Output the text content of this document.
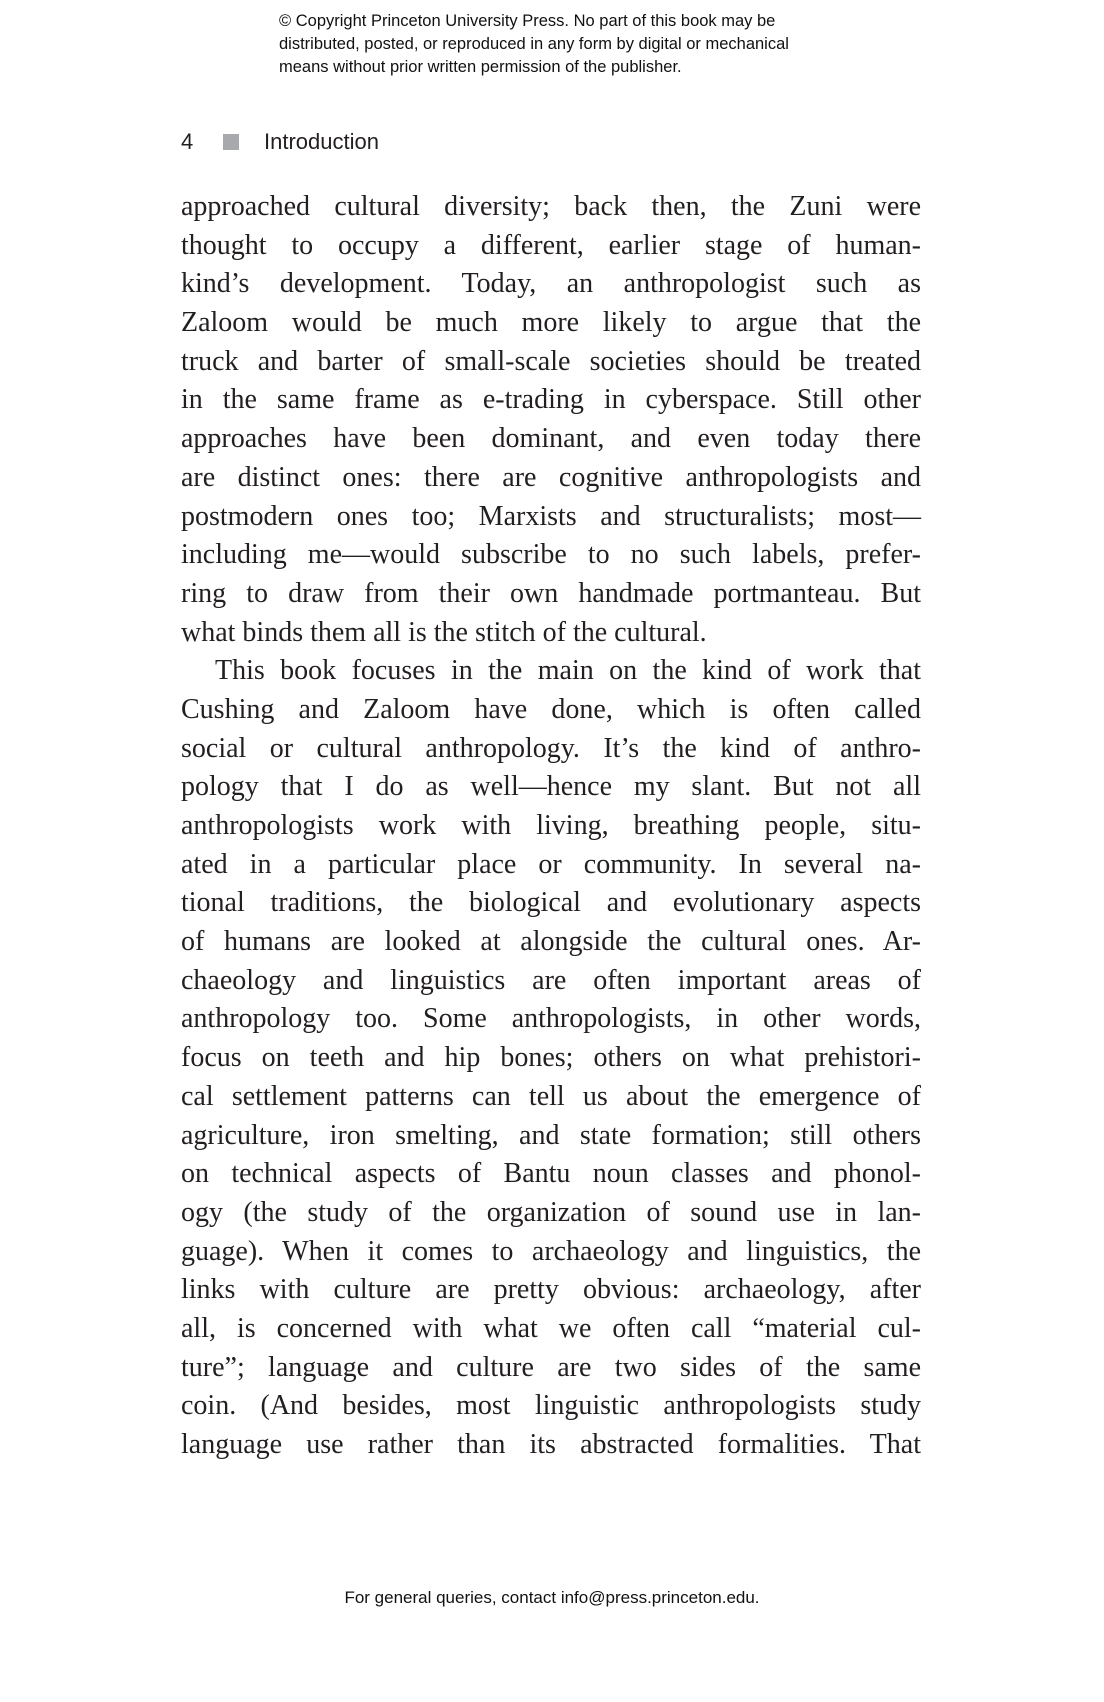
© Copyright Princeton University Press. No part of this book may be
distributed, posted, or reproduced in any form by digital or mechanical
means without prior written permission of the publisher.
4	Introduction
approached cultural diversity; back then, the Zuni were
thought to occupy a different, earlier stage of human-
kind’s development. Today, an anthropologist such as
Zaloom would be much more likely to argue that the
truck and barter of small-scale societies should be treated
in the same frame as e-trading in cyberspace. Still other
approaches have been dominant, and even today there
are distinct ones: there are cognitive anthropologists and
postmodern ones too; Marxists and structuralists; most—
including me—would subscribe to no such labels, prefer-
ring to draw from their own handmade portmanteau. But
what binds them all is the stitch of the cultural.
This book focuses in the main on the kind of work that
Cushing and Zaloom have done, which is often called
social or cultural anthropology. It’s the kind of anthro-
pology that I do as well—hence my slant. But not all
anthropologists work with living, breathing people, situ-
ated in a particular place or community. In several na-
tional traditions, the biological and evolutionary aspects
of humans are looked at alongside the cultural ones. Ar-
chaeology and linguistics are often important areas of
anthropology too. Some anthropologists, in other words,
focus on teeth and hip bones; others on what prehistori-
cal settlement patterns can tell us about the emergence of
agriculture, iron smelting, and state formation; still others
on technical aspects of Bantu noun classes and phonol-
ogy (the study of the organization of sound use in lan-
guage). When it comes to archaeology and linguistics, the
links with culture are pretty obvious: archaeology, after
all, is concerned with what we often call “material cul-
ture”; language and culture are two sides of the same
coin. (And besides, most linguistic anthropologists study
language use rather than its abstracted formalities. That
For general queries, contact info@press.princeton.edu.
